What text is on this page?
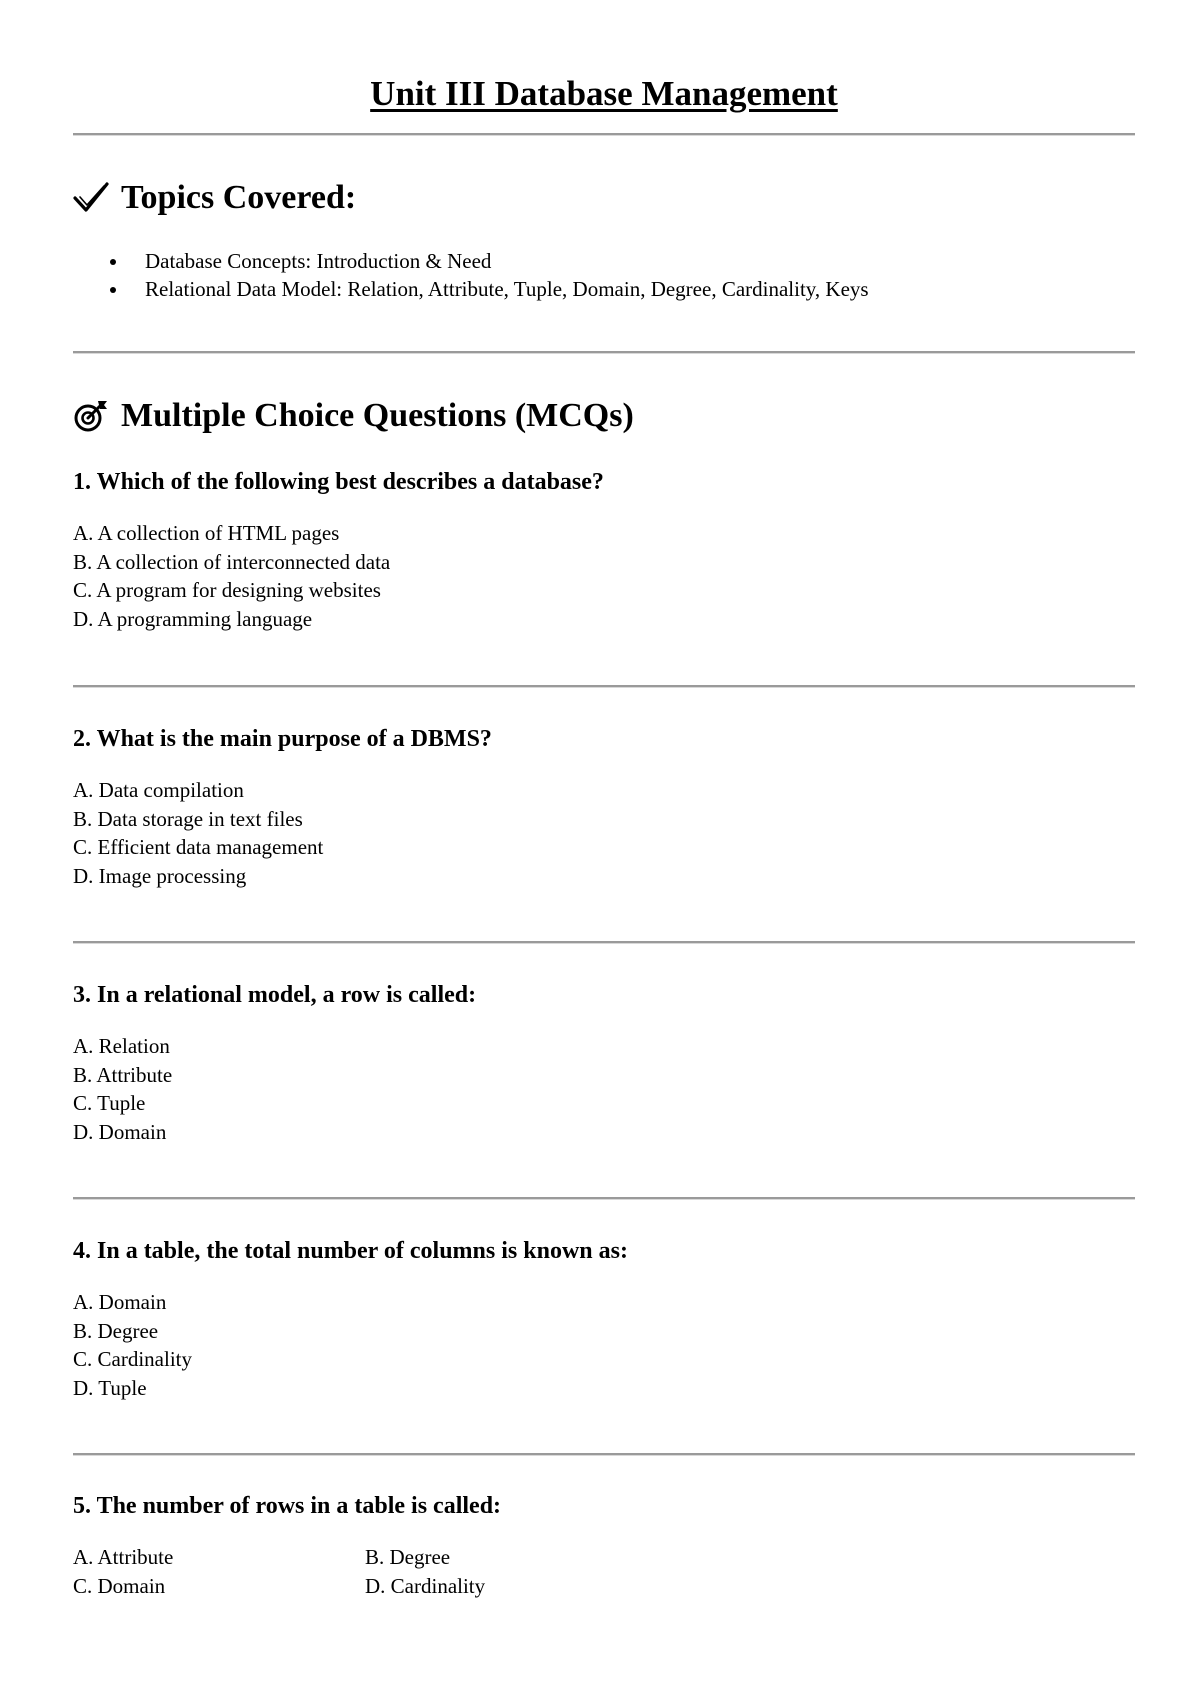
Unit III Database Management
Topics Covered:
Database Concepts: Introduction & Need
Relational Data Model: Relation, Attribute, Tuple, Domain, Degree, Cardinality, Keys
Multiple Choice Questions (MCQs)

1. Which of the following best describes a database?

A. A collection of HTML pages
B. A collection of interconnected data
C. A program for designing websites
D. A programming language

2. What is the main purpose of a DBMS?

A. Data compilation
B. Data storage in text files
C. Efficient data management
D. Image processing

3. In a relational model, a row is called:

A. Relation
B. Attribute
C. Tuple
D. Domain

4. In a table, the total number of columns is known as:

A. Domain
B. Degree
C. Cardinality
D. Tuple

5. The number of rows in a table is called:

A. Attribute	B. Degree
C. Domain	D. Cardinality
